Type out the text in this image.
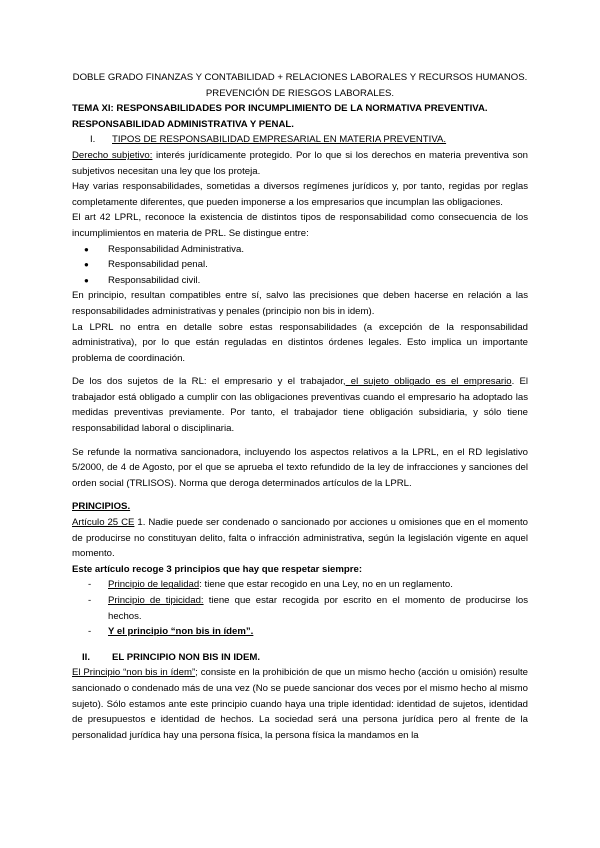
DOBLE GRADO FINANZAS Y CONTABILIDAD + RELACIONES LABORALES Y RECURSOS HUMANOS.

PREVENCIÓN DE RIESGOS LABORALES.

TEMA XI: RESPONSABILIDADES POR INCUMPLIMIENTO DE LA NORMATIVA PREVENTIVA.

RESPONSABILIDAD ADMINISTRATIVA Y PENAL.

I.	TIPOS DE RESPONSABILIDAD EMPRESARIAL EN MATERIA PREVENTIVA.

Derecho subjetivo: interés jurídicamente protegido. Por lo que si los derechos en materia preventiva son subjetivos necesitan una ley que los proteja.

Hay varias responsabilidades, sometidas a diversos regímenes jurídicos y, por tanto, regidas por reglas completamente diferentes, que pueden imponerse a los empresarios que incumplan las obligaciones.

El art 42 LPRL, reconoce la existencia de distintos tipos de responsabilidad como consecuencia de los incumplimientos en materia de PRL. Se distingue entre:

●	Responsabilidad Administrativa.
●	Responsabilidad penal.
●	Responsabilidad civil.

En principio, resultan compatibles entre sí, salvo las precisiones que deben hacerse en relación a las responsabilidades administrativas y penales (principio non bis in idem).

La LPRL no entra en detalle sobre estas responsabilidades (a excepción de la responsabilidad administrativa), por lo que están reguladas en distintos órdenes legales. Esto implica un importante problema de coordinación.

De los dos sujetos de la RL: el empresario y el trabajador, el sujeto obligado es el empresario. El trabajador está obligado a cumplir con las obligaciones preventivas cuando el empresario ha adoptado las medidas preventivas previamente. Por tanto, el trabajador tiene obligación subsidiaria, y sólo tiene responsabilidad laboral o disciplinaria.

Se refunde la normativa sancionadora, incluyendo los aspectos relativos a la LPRL, en el RD legislativo 5/2000, de 4 de Agosto, por el que se aprueba el texto refundido de la ley de infracciones y sanciones del orden social (TRLISOS). Norma que deroga determinados artículos de la LPRL.

PRINCIPIOS.

Artículo 25 CE 1. Nadie puede ser condenado o sancionado por acciones u omisiones que en el momento de producirse no constituyan delito, falta o infracción administrativa, según la legislación vigente en aquel momento.

Este artículo recoge 3 principios que hay que respetar siempre:

-	Principio de legalidad: tiene que estar recogido en una Ley, no en un reglamento.
-	Principio de tipicidad: tiene que estar recogida por escrito en el momento de producirse los hechos.
-	Y el principio “non bis in ídem”.
II.	EL PRINCIPIO NON BIS IN IDEM.

El Principio “non bis in ídem”; consiste en la prohibición de que un mismo hecho (acción u omisión) resulte sancionado o condenado más de una vez (No se puede sancionar dos veces por el mismo hecho al mismo sujeto). Sólo estamos ante este principio cuando haya una triple identidad: identidad de sujetos, identidad de presupuestos e identidad de hechos. La sociedad será una persona jurídica pero al frente de la personalidad jurídica hay una persona física, la persona física la mandamos en la
